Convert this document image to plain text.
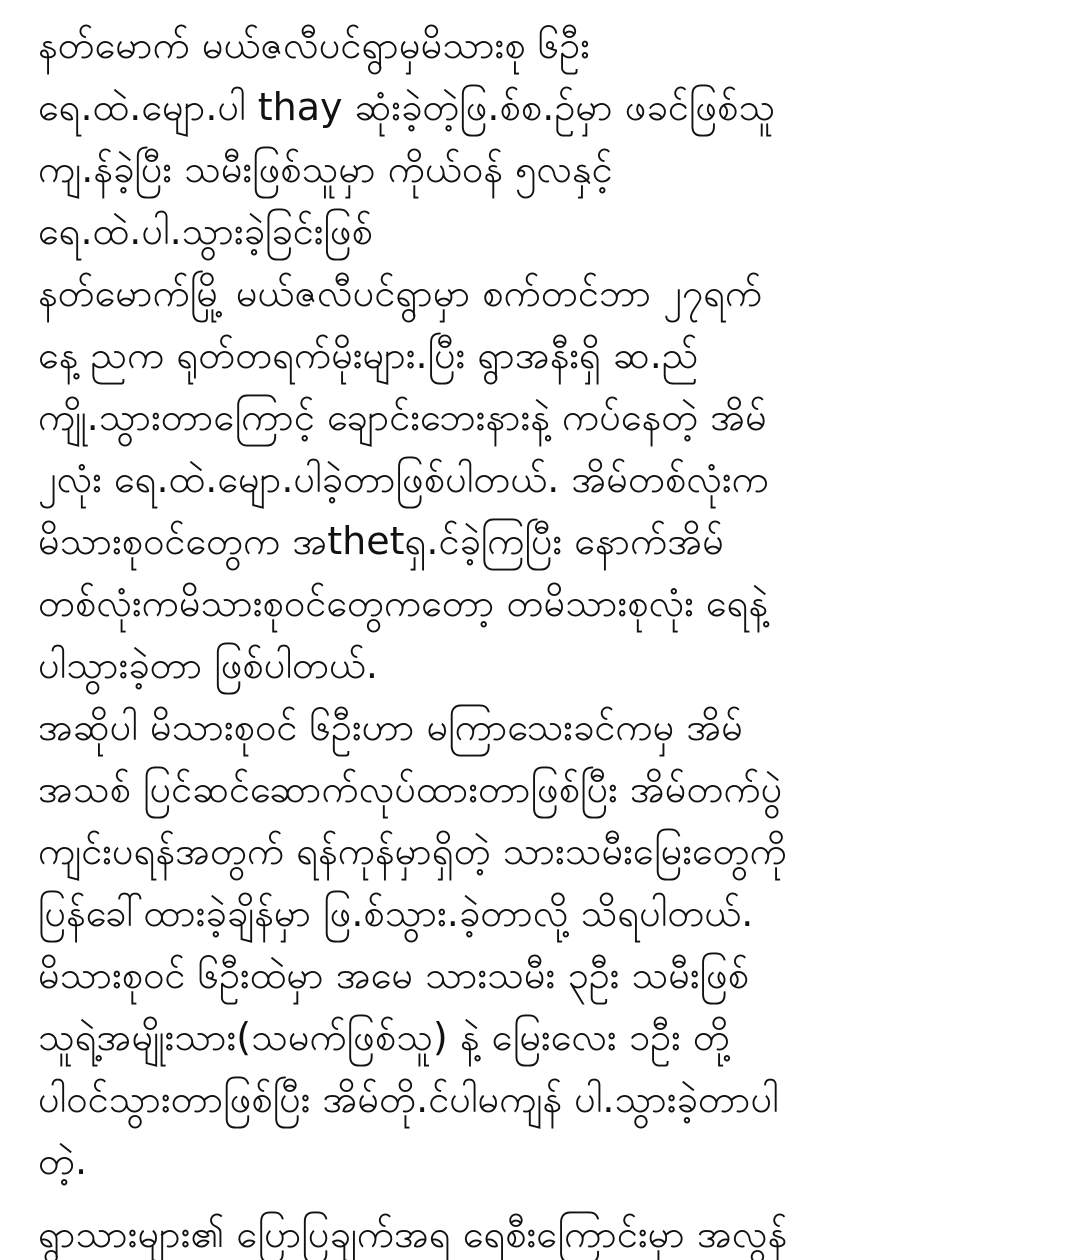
နတ်မောက် မယ်ဇလီပင်ရွာမှမိသားစု ၆ဦး
ရေ.ထဲ.မျော.ပါ thay ဆုံးခဲ့တဲ့ဖြ.စ်စ.ဥ်မှာ ဖခင်ဖြစ်သူ
ကျ.န်ခဲ့ပြီး သမီးဖြစ်သူမှာ ကိုယ်ဝန် ၅လနှင့်
ရေ.ထဲ.ပါ.သွားခဲ့ခြင်းဖြစ်
နတ်မောက်မြို့ မယ်ဇလီပင်ရွာမှာ စက်တင်ဘာ ၂၇ရက်
နေ့ ညက ရုတ်တရက်မိုးများ.ပြီး ရွာအနီးရှိ ဆ.ည်
ကျို.သွားတာကြောင့် ချောင်းဘေးနားနဲ့ ကပ်နေတဲ့ အိမ်
၂လုံး ရေ.ထဲ.မျော.ပါခဲ့တာဖြစ်ပါတယ်. အိမ်တစ်လုံးက
မိသားစုဝင်တွေက အthetရှ.င်ခဲ့ကြပြီး နောက်အိမ်
တစ်လုံးကမိသားစုဝင်တွေကတော့ တမိသားစုလုံး ရေနဲ့
ပါသွားခဲ့တာ ဖြစ်ပါတယ်.
အဆိုပါ မိသားစုဝင် ၆ဦးဟာ မကြာသေးခင်ကမှ အိမ်
အသစ် ပြင်ဆင်ဆောက်လုပ်ထားတာဖြစ်ပြီး အိမ်တက်ပွဲ
ကျင်းပရန်အတွက် ရန်ကုန်မှာရှိတဲ့ သားသမီးမြေးတွေကို
ပြန်ခေါ်ထားခဲ့ချိန်မှာ ဖြ.စ်သွား.ခဲ့တာလို့ သိရပါတယ်.
မိသားစုဝင် ၆ဦးထဲမှာ အမေ သားသမီး ၃ဦး သမီးဖြစ်
သူရဲ့အမျိုးသား(သမက်ဖြစ်သူ) နဲ့ မြေးလေး ၁ဦး တို့
ပါဝင်သွားတာဖြစ်ပြီး အိမ်တို.င်ပါမကျန် ပါ.သွားခဲ့တာပါ
တဲ့.
ရွာသားများ၏ ပြောပြချက်အရ ရေစီးကြောင်းမှာ အလွန်
